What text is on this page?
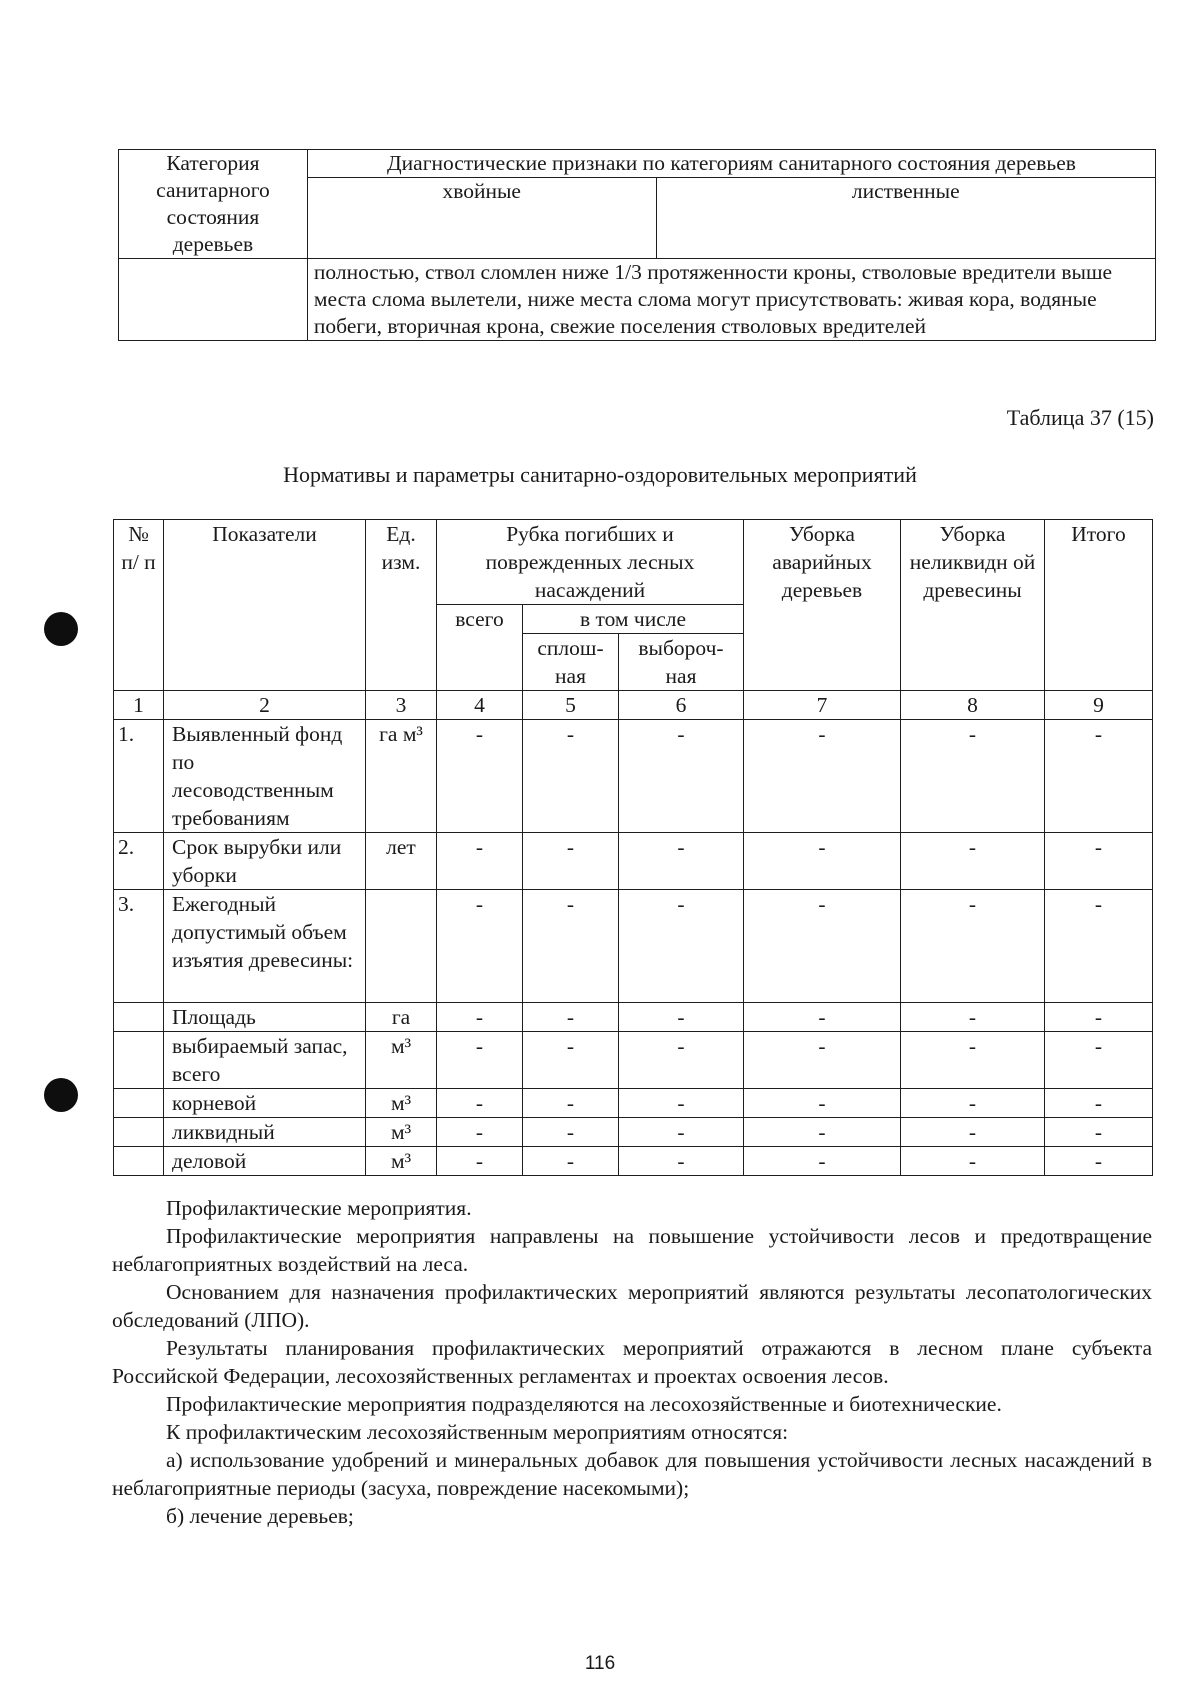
Категория санитарного состояния деревьев	Диагностические признаки по категориям санитарного состояния деревьев	
	хвойные	лиственные
	полностью, ствол сломлен ниже 1/3 протяженности кроны, стволовые вредители выше места слома вылетели, ниже места слома могут присутствовать: живая кора, водяные побеги, вторичная крона, свежие поселения стволовых вредителей	
Таблица 37 (15)
Нормативы и параметры санитарно-оздоровительных мероприятий
№ п/ п	Показатели	Ед. изм.	Рубка погибших и поврежденных лесных насаждений			Уборка аварийных деревьев	Уборка неликвидн ой древесины	Итого
			всего	в том числе				
				сплош-ная	выбороч-ная			
1	2	3	4	5	6	7	8	9
1.	Выявленный фонд по лесоводственным требованиям	га м³	-	-	-	-	-	-
2.	Срок вырубки или уборки	лет	-	-	-	-	-	-
3.	Ежегодный допустимый объем изъятия древесины:		-	-	-	-	-	-
	Площадь	га	-	-	-	-	-	-
	выбираемый запас, всего	м³	-	-	-	-	-	-
	корневой	м³	-	-	-	-	-	-
	ликвидный	м³	-	-	-	-	-	-
	деловой	м³	-	-	-	-	-	-

Профилактические мероприятия.

Профилактические мероприятия направлены на повышение устойчивости лесов и предотвращение неблагоприятных воздействий на леса.

Основанием для назначения профилактических мероприятий являются результаты лесопатологических обследований (ЛПО).

Результаты планирования профилактических мероприятий отражаются в лесном плане субъекта Российской Федерации, лесохозяйственных регламентах и проектах освоения лесов.

Профилактические мероприятия подразделяются на лесохозяйственные и биотехнические.

К профилактическим лесохозяйственным мероприятиям относятся:

а) использование удобрений и минеральных добавок для повышения устойчивости лесных насаждений в неблагоприятные периоды (засуха, повреждение насекомыми);

б) лечение деревьев;

116
